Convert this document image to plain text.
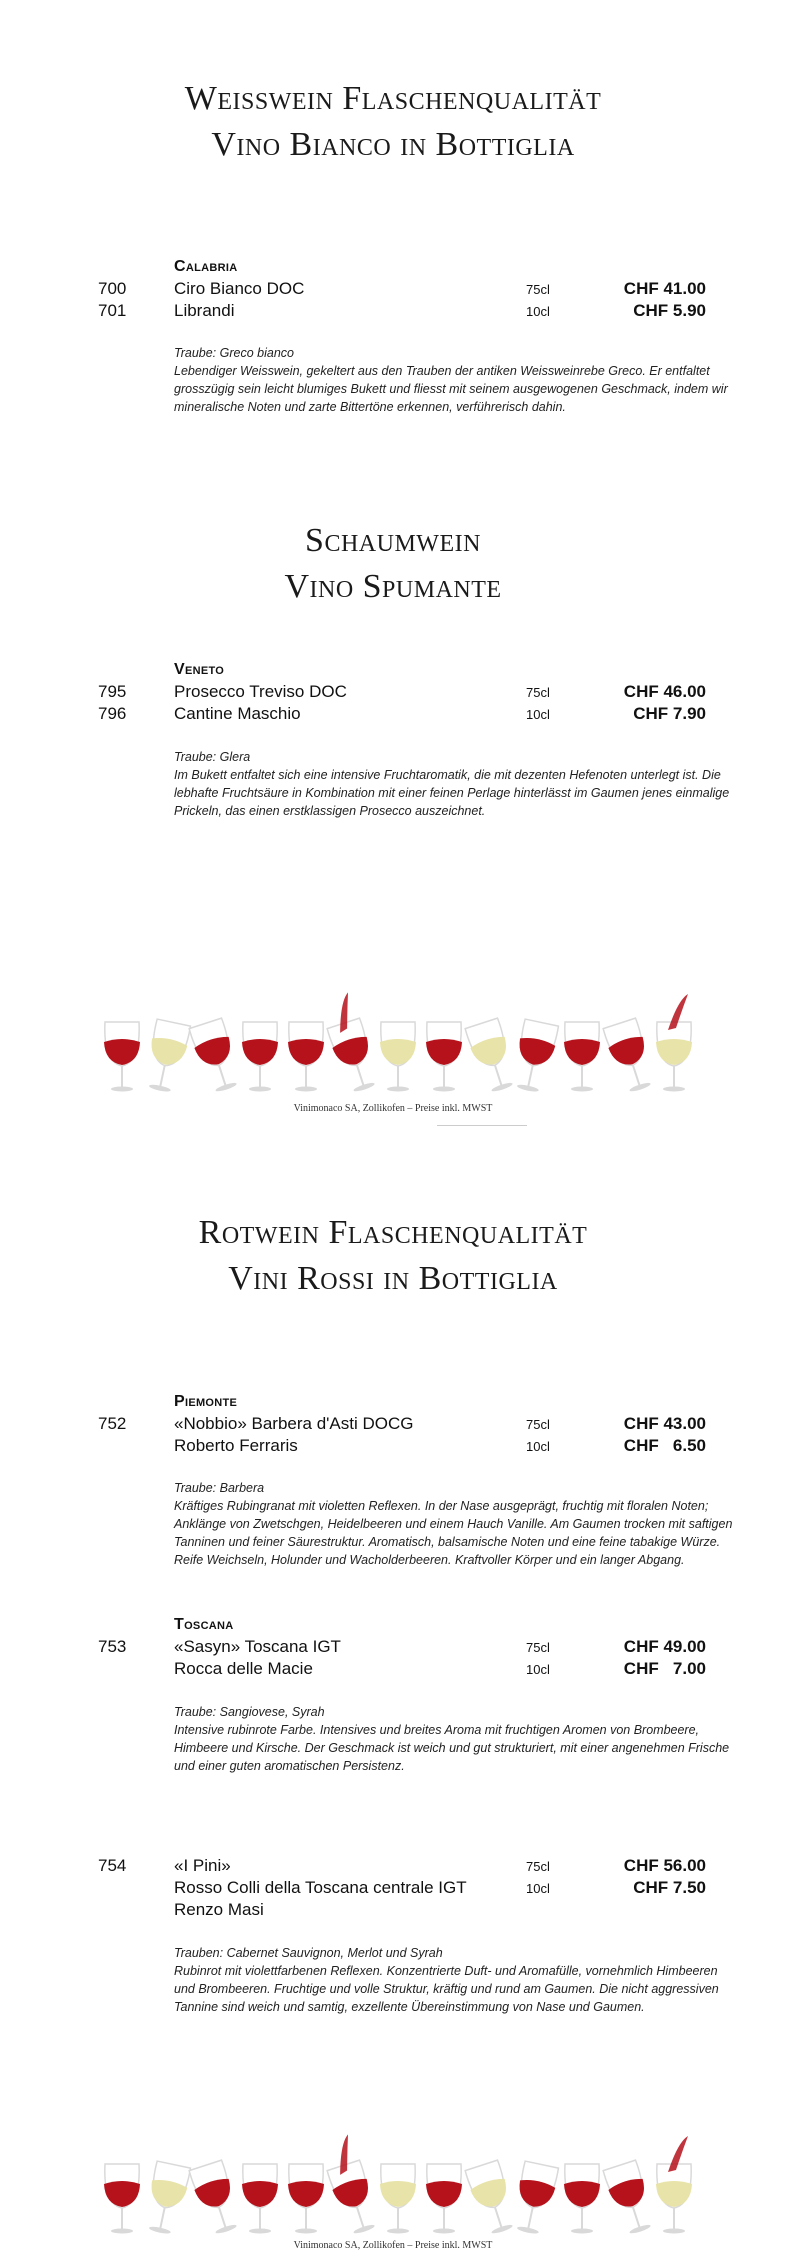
Weisswein Flaschenqualität
Vino Bianco in Bottiglia
Calabria
700	Ciro Bianco DOC	75cl	CHF 41.00
701	Librandi	10cl	CHF 5.90
Traube: Greco bianco
Lebendiger Weisswein, gekeltert aus den Trauben der antiken Weissweinrebe Greco. Er entfaltet grosszügig sein leicht blumiges Bukett und fliesst mit seinem ausgewogenen Geschmack, indem wir mineralische Noten und zarte Bittertöne erkennen, verführerisch dahin.
Schaumwein
Vino Spumante
Veneto
795	Prosecco Treviso DOC	75cl	CHF 46.00
796	Cantine Maschio	10cl	CHF 7.90
Traube: Glera
Im Bukett entfaltet sich eine intensive Fruchtaromatik, die mit dezenten Hefenoten unterlegt ist. Die lebhafte Fruchtsäure in Kombination mit einer feinen Perlage hinterlässt im Gaumen jenes einmalige Prickeln, das einen erstklassigen Prosecco auszeichnet.
Vinimonaco SA, Zollikofen – Preise inkl. MWST
Rotwein Flaschenqualität
Vini Rossi in Bottiglia
Piemonte
752	«Nobbio» Barbera d'Asti DOCG	75cl	CHF 43.00
Roberto Ferraris	10cl	CHF   6.50
Traube: Barbera
Kräftiges Rubingranat mit violetten Reflexen. In der Nase ausgeprägt, fruchtig mit floralen Noten; Anklänge von Zwetschgen, Heidelbeeren und einem Hauch Vanille. Am Gaumen trocken mit saftigen Tanninen und feiner Säurestruktur. Aromatisch, balsamische Noten und eine feine tabakige Würze. Reife Weichseln, Holunder und Wacholderbeeren. Kraftvoller Körper und ein langer Abgang.
Toscana
753	«Sasyn» Toscana IGT	75cl	CHF 49.00
Rocca delle Macie	10cl	CHF   7.00
Traube: Sangiovese, Syrah
Intensive rubinrote Farbe. Intensives und breites Aroma mit fruchtigen Aromen von Brombeere, Himbeere und Kirsche. Der Geschmack ist weich und gut strukturiert, mit einer angenehmen Frische und einer guten aromatischen Persistenz.
754	«I Pini»	75cl	CHF 56.00
Rosso Colli della Toscana centrale IGT	10cl	CHF 7.50
Renzo Masi
Trauben: Cabernet Sauvignon, Merlot und Syrah
Rubinrot mit violettfarbenen Reflexen. Konzentrierte Duft- und Aromafülle, vornehmlich Himbeeren und Brombeeren. Fruchtige und volle Struktur, kräftig und rund am Gaumen. Die nicht aggressiven Tannine sind weich und samtig, exzellente Übereinstimmung von Nase und Gaumen.
Vinimonaco SA, Zollikofen – Preise inkl. MWST
